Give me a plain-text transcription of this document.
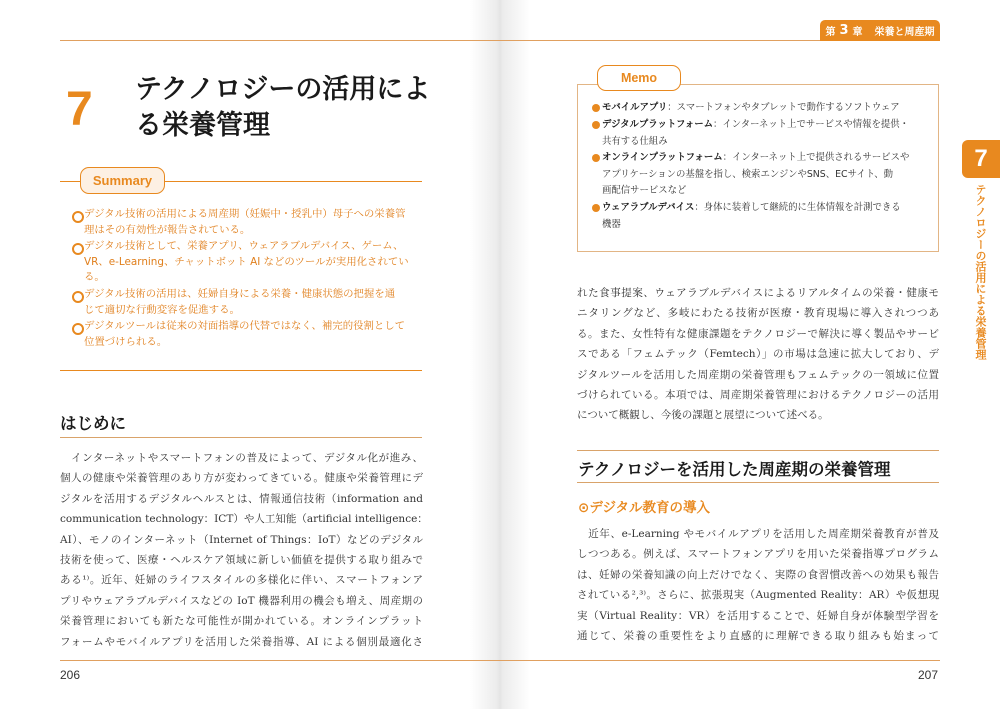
第 3 章 栄養と周産期
7 テクノロジーの活用によ
る栄養管理
Summary
デジタル技術の活用による周産期（妊娠中・授乳中）母子への栄養管
理はその有効性が報告されている。
デジタル技術として、栄養アプリ、ウェアラブルデバイス、ゲーム、
VR、e-Learning、チャットボット AI などのツールが実用化されてい
る。
デジタル技術の活用は、妊婦自身による栄養・健康状態の把握を通
じて適切な行動変容を促進する。
デジタルツールは従来の対面指導の代替ではなく、補完的役割として
位置づけられる。
はじめに
　インターネットやスマートフォンの普及によって、デジタル化が進み、
個人の健康や栄養管理のあり方が変わってきている。健康や栄養管理にデ
ジタルを活用するデジタルヘルスとは、情報通信技術（information and
communication technology：ICT）や人工知能（artificial intelligence：
AI）、モノのインターネット（Internet of Things：IoT）などのデジタル
技術を使って、医療・ヘルスケア領域に新しい価値を提供する取り組みで
ある¹⁾。近年、妊婦のライフスタイルの多様化に伴い、スマートフォンア
プリやウェアラブルデバイスなどの IoT 機器利用の機会も増え、周産期の
栄養管理においても新たな可能性が開かれている。オンラインプラット
フォームやモバイルアプリを活用した栄養指導、AI による個別最適化さ
Memo
モバイルアプリ：スマートフォンやタブレットで動作するソフトウェア
デジタルプラットフォーム：インターネット上でサービスや情報を提供・
共有する仕組み
オンラインプラットフォーム：インターネット上で提供されるサービスや
アプリケーションの基盤を指し、検索エンジンやSNS、ECサイト、動
画配信サービスなど
ウェアラブルデバイス：身体に装着して継続的に生体情報を計測できる
機器
れた食事提案、ウェアラブルデバイスによるリアルタイムの栄養・健康モ
ニタリングなど、多岐にわたる技術が医療・教育現場に導入されつつあ
る。また、女性特有な健康課題をテクノロジーで解決に導く製品やサービ
スである「フェムテック（Femtech）」の市場は急速に拡大しており、デ
ジタルツールを活用した周産期の栄養管理もフェムテックの一領域に位置
づけられている。本項では、周産期栄養管理におけるテクノロジーの活用
について概観し、今後の課題と展望について述べる。
テクノロジーを活用した周産期の栄養管理
⊙デジタル教育の導入
　近年、e-Learning やモバイルアプリを活用した周産期栄養教育が普及
しつつある。例えば、スマートフォンアプリを用いた栄養指導プログラム
は、妊婦の栄養知識の向上だけでなく、実際の食習慣改善への効果も報告
されている²,³⁾。さらに、拡張現実（Augmented Reality：AR）や仮想現
実（Virtual Reality：VR）を活用することで、妊婦自身が体験型学習を
通じて、栄養の重要性をより直感的に理解できる取り組みも始まって
206	207
7
テクノロジーの活用による栄養管理
